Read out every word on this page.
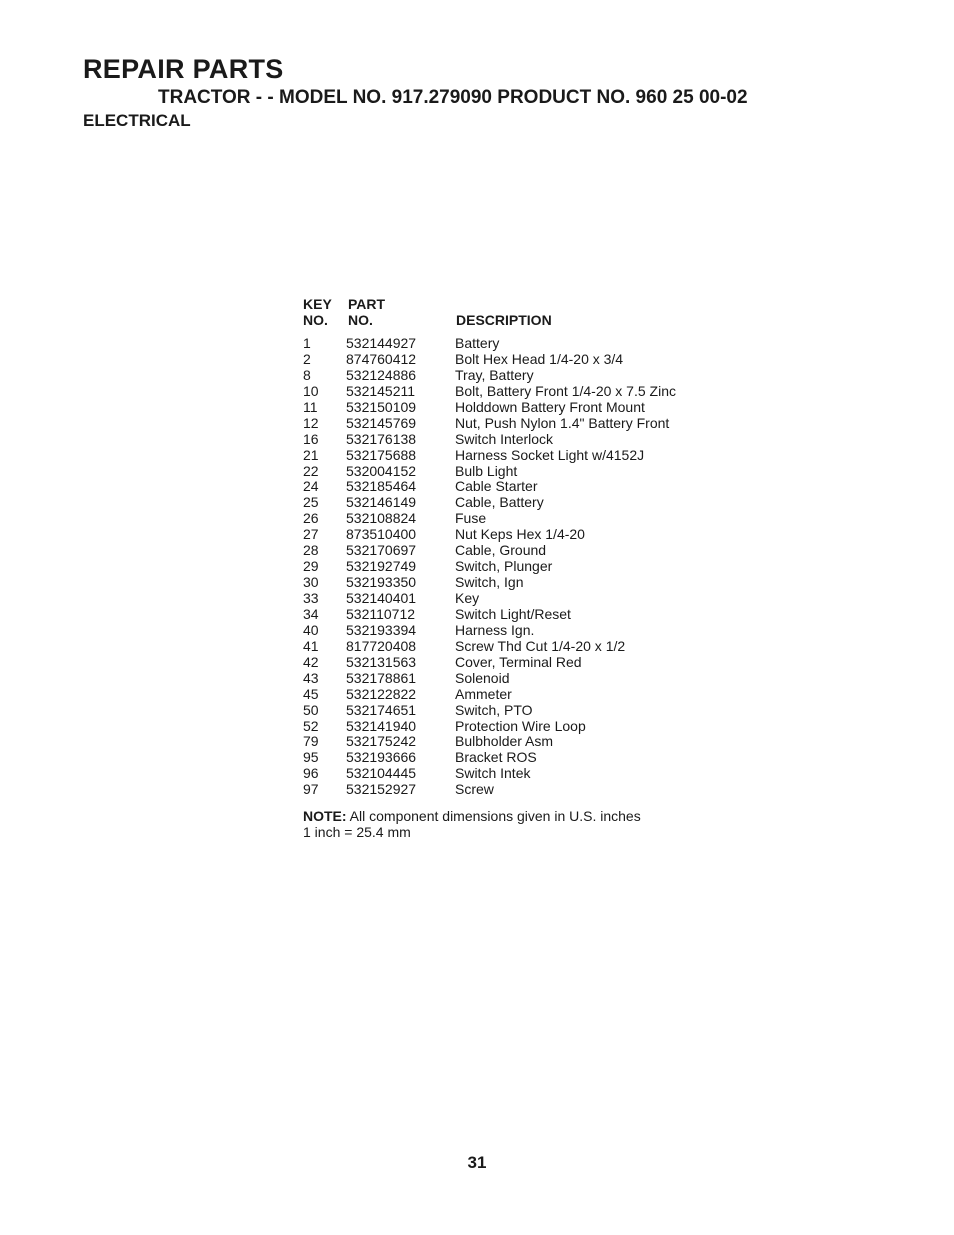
REPAIR PARTS
TRACTOR - - MODEL NO. 917.279090 PRODUCT NO. 960 25 00-02
ELECTRICAL
KEY	PART
NO.	NO.	DESCRIPTION
1	532144927	Battery
2	874760412	Bolt Hex Head 1/4-20 x 3/4
8	532124886	Tray, Battery
10	532145211	Bolt, Battery Front 1/4-20 x 7.5 Zinc
11	532150109	Holddown Battery Front Mount
12	532145769	Nut, Push Nylon 1.4" Battery Front
16	532176138	Switch Interlock
21	532175688	Harness Socket Light w/4152J
22	532004152	Bulb Light
24	532185464	Cable Starter
25	532146149	Cable, Battery
26	532108824	Fuse
27	873510400	Nut Keps Hex 1/4-20
28	532170697	Cable, Ground
29	532192749	Switch, Plunger
30	532193350	Switch, Ign
33	532140401	Key
34	532110712	Switch Light/Reset
40	532193394	Harness Ign.
41	817720408	Screw Thd Cut 1/4-20 x 1/2
42	532131563	Cover, Terminal Red
43	532178861	Solenoid
45	532122822	Ammeter
50	532174651	Switch, PTO
52	532141940	Protection Wire Loop
79	532175242	Bulbholder Asm
95	532193666	Bracket ROS
96	532104445	Switch Intek
97	532152927	Screw
NOTE: All component dimensions given in U.S. inches
1 inch = 25.4 mm
31
